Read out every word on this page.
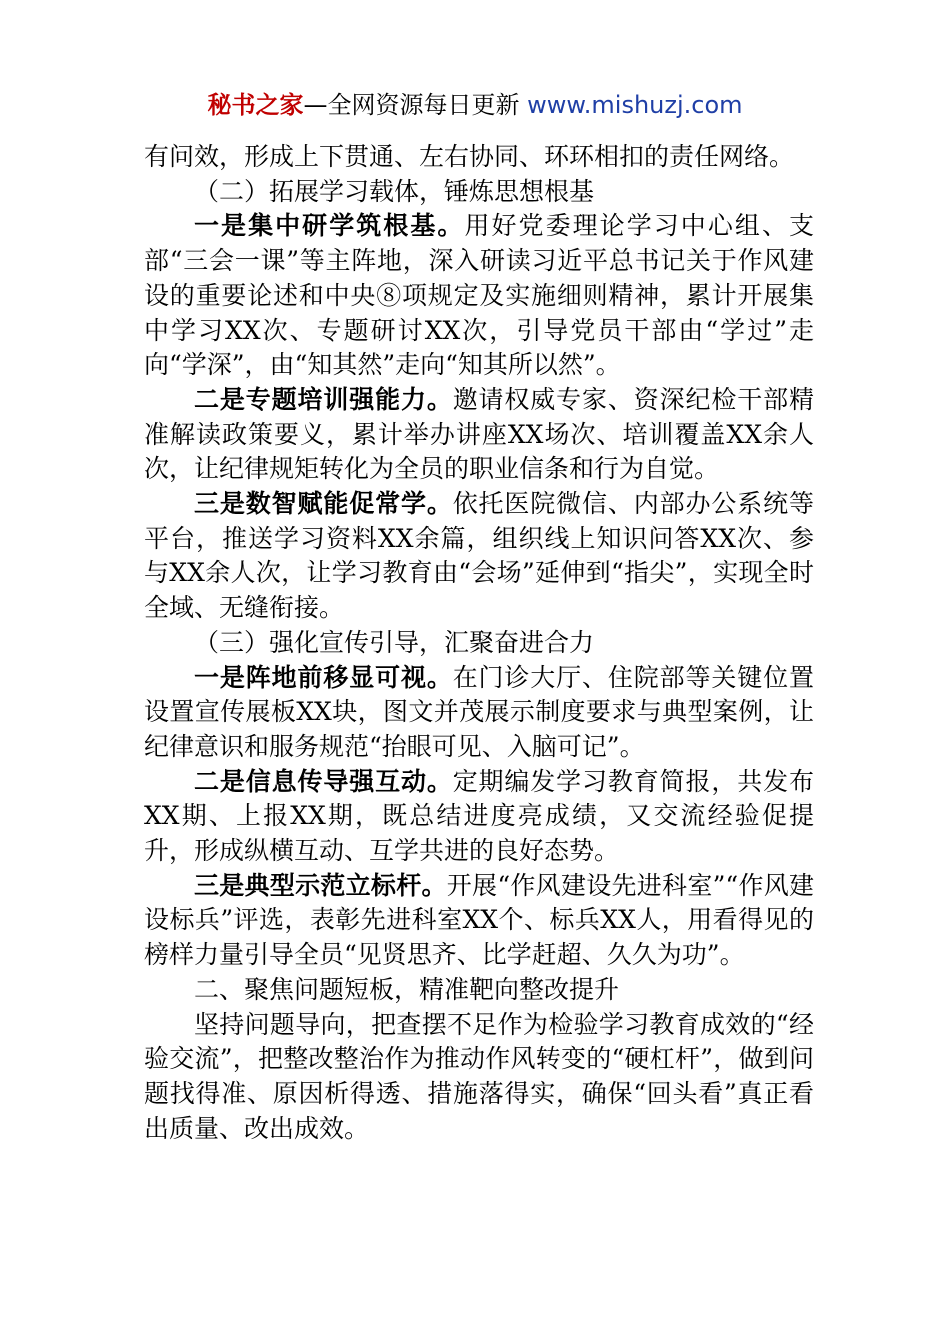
秘书之家—全网资源每日更新 www.mishuzj.com

有问效，形成上下贯通、左右协同、环环相扣的责任网络。

（二）拓展学习载体，锤炼思想根基

一是集中研学筑根基。用好党委理论学习中心组、支部“三会一课”等主阵地，深入研读习近平总书记关于作风建设的重要论述和中央⑧项规定及实施细则精神，累计开展集中学习XX次、专题研讨XX次，引导党员干部由“学过”走向“学深”，由“知其然”走向“知其所以然”。

二是专题培训强能力。邀请权威专家、资深纪检干部精准解读政策要义，累计举办讲座XX场次、培训覆盖XX余人次，让纪律规矩转化为全员的职业信条和行为自觉。

三是数智赋能促常学。依托医院微信、内部办公系统等平台，推送学习资料XX余篇，组织线上知识问答XX次、参与XX余人次，让学习教育由“会场”延伸到“指尖”，实现全时全域、无缝衔接。

（三）强化宣传引导，汇聚奋进合力

一是阵地前移显可视。在门诊大厅、住院部等关键位置设置宣传展板XX块，图文并茂展示制度要求与典型案例，让纪律意识和服务规范“抬眼可见、入脑可记”。

二是信息传导强互动。定期编发学习教育简报，共发布XX期、上报XX期，既总结进度亮成绩，又交流经验促提升，形成纵横互动、互学共进的良好态势。

三是典型示范立标杆。开展“作风建设先进科室”“作风建设标兵”评选，表彰先进科室XX个、标兵XX人，用看得见的榜样力量引导全员“见贤思齐、比学赶超、久久为功”。

二、聚焦问题短板，精准靶向整改提升

坚持问题导向，把查摆不足作为检验学习教育成效的“经验交流”，把整改整治作为推动作风转变的“硬杠杆”，做到问题找得准、原因析得透、措施落得实，确保“回头看”真正看出质量、改出成效。
